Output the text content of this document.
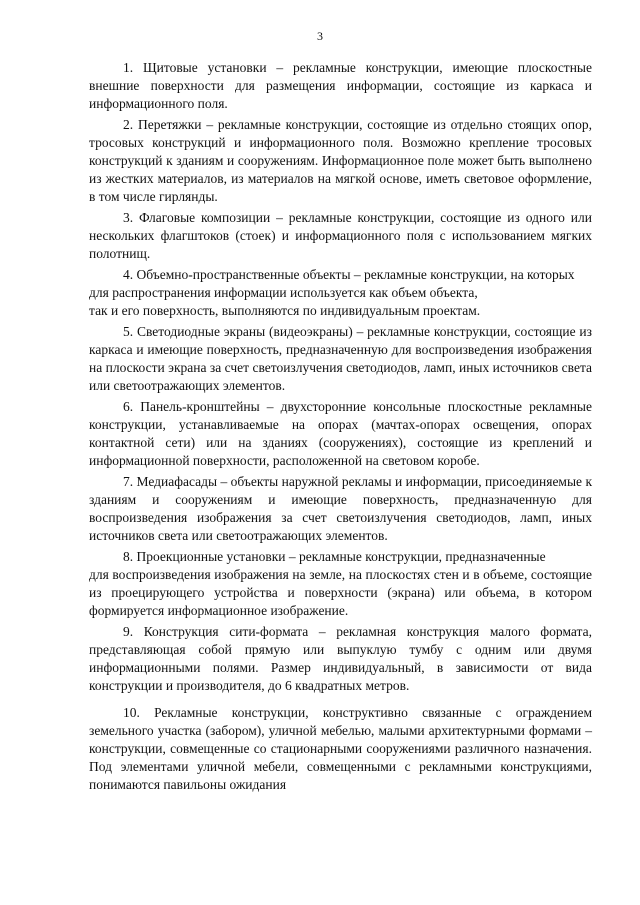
3

1. Щитовые установки – рекламные конструкции, имеющие плоскостные внешние поверхности для размещения информации, состоящие из каркаса и информационного поля.

2. Перетяжки – рекламные конструкции, состоящие из отдельно стоящих опор, тросовых конструкций и информационного поля. Возможно крепление тросовых конструкций к зданиям и сооружениям. Информационное поле может быть выполнено из жестких материалов, из материалов на мягкой основе, иметь световое оформление, в том числе гирлянды.

3. Флаговые композиции – рекламные конструкции, состоящие из одного или нескольких флагштоков (стоек) и информационного поля с использованием мягких полотнищ.

4. Объемно-пространственные объекты – рекламные конструкции, на которых для распространения информации используется как объем объекта,

так и его поверхность, выполняются по индивидуальным проектам.

5. Светодиодные экраны (видеоэкраны) – рекламные конструкции, состоящие из каркаса и имеющие поверхность, предназначенную для воспроизведения изображения на плоскости экрана за счет светоизлучения светодиодов, ламп, иных источников света или светоотражающих элементов.

6. Панель-кронштейны – двухсторонние консольные плоскостные рекламные конструкции, устанавливаемые на опорах (мачтах-опорах освещения, опорах контактной сети) или на зданиях (сооружениях), состоящие из креплений и информационной поверхности, расположенной на световом коробе.

7. Медиафасады – объекты наружной рекламы и информации, присоединяемые к зданиям и сооружениям и имеющие поверхность, предназначенную для воспроизведения изображения за счет светоизлучения светодиодов, ламп, иных источников света или светоотражающих элементов.

8. Проекционные установки – рекламные конструкции, предназначенные

для воспроизведения изображения на земле, на плоскостях стен и в объеме, состоящие из проецирующего устройства и поверхности (экрана) или объема, в котором формируется информационное изображение.

9. Конструкция сити-формата – рекламная конструкция малого формата, представляющая собой прямую или выпуклую тумбу с одним или двумя информационными полями. Размер индивидуальный, в зависимости от вида конструкции и производителя, до 6 квадратных метров.

10. Рекламные конструкции, конструктивно связанные с ограждением земельного участка (забором), уличной мебелью, малыми архитектурными формами – конструкции, совмещенные со стационарными сооружениями различного назначения. Под элементами уличной мебели, совмещенными с рекламными конструкциями, понимаются павильоны ожидания
